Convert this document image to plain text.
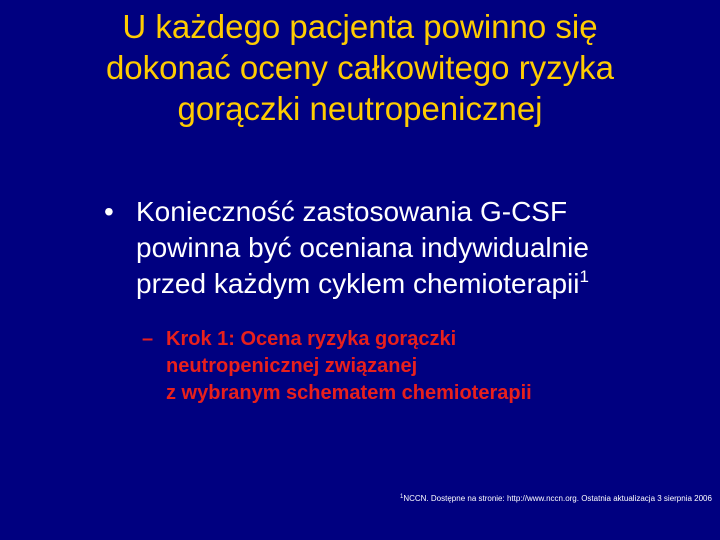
U każdego pacjenta powinno się
dokonać oceny całkowitego ryzyka
gorączki neutropenicznej
• Konieczność zastosowania G-CSF
powinna być oceniana indywidualnie
przed każdym cyklem chemioterapii$^1$
– Krok 1: Ocena ryzyka gorączki
neutropenicznej związanej
z wybranym schematem chemioterapii
$^1$NCCN. Dostępne na stronie: http://www.nccn.org. Ostatnia aktualizacja 3 sierpnia 2006
